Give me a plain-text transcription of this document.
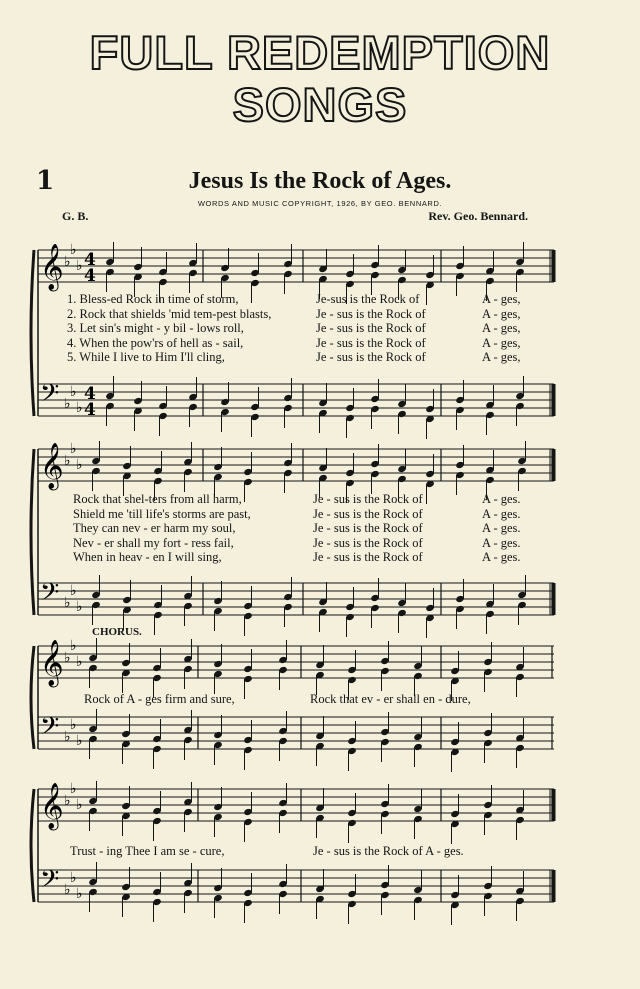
FULL REDEMPTION
SONGS
1	Jesus Is the Rock of Ages.
WORDS AND MUSIC COPYRIGHT, 1926, BY GEO. BENNARD.
G. B.	Rev. Geo. Bennard.
𝄞
𝄢
♭
♭
♭
♭
♭
♭
4
4
4
4
𝄞
𝄢
♭
♭
♭
♭
♭
♭
𝄞
𝄢
♭
♭
♭
♭
♭
♭
𝄞
𝄢
♭
♭
♭
♭
♭
♭
1. Bless-ed Rock in time of storm,	Je-sus is the Rock of	A - ges,
2. Rock that shields 'mid tem-pest blasts,	Je - sus is the Rock of	A - ges,
3. Let sin's might - y bil - lows roll,	Je - sus is the Rock of	A - ges,
4. When the pow'rs of hell as - sail,	Je - sus is the Rock of	A - ges,
5. While I live to Him I'll cling,	Je - sus is the Rock of	A - ges,
Rock that shel-ters from all harm,	Je - sus is the Rock of	A - ges.
Shield me 'till life's storms are past,	Je - sus is the Rock of	A - ges.
They can nev - er harm my soul,	Je - sus is the Rock of	A - ges.
Nev - er shall my fort - ress fail,	Je - sus is the Rock of	A - ges.
When in heav - en I will sing,	Je - sus is the Rock of	A - ges.
CHORUS.
Rock of A - ges firm and sure,	Rock that ev - er shall en - dure,
Trust - ing Thee I am se - cure,	Je - sus is the Rock of A - ges.
